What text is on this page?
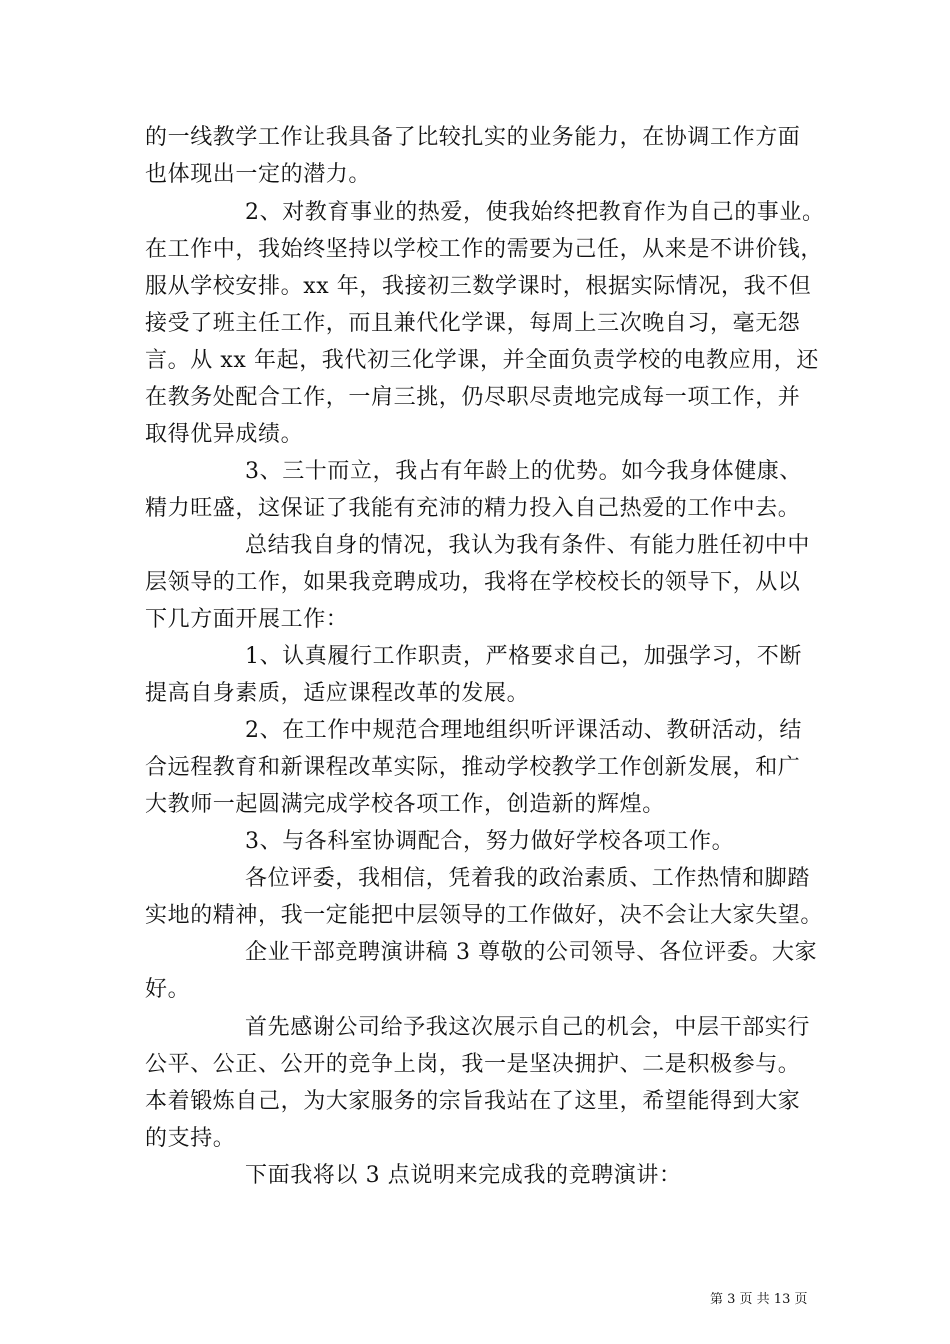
的一线教学工作让我具备了比较扎实的业务能力，在协调工作方面
也体现出一定的潜力。
2、对教育事业的热爱，使我始终把教育作为自己的事业。
在工作中，我始终坚持以学校工作的需要为己任，从来是不讲价钱，
服从学校安排。xx 年，我接初三数学课时，根据实际情况，我不但
接受了班主任工作，而且兼代化学课，每周上三次晚自习，毫无怨
言。从 xx 年起，我代初三化学课，并全面负责学校的电教应用，还
在教务处配合工作，一肩三挑，仍尽职尽责地完成每一项工作，并
取得优异成绩。
3、三十而立，我占有年龄上的优势。如今我身体健康、
精力旺盛，这保证了我能有充沛的精力投入自己热爱的工作中去。
总结我自身的情况，我认为我有条件、有能力胜任初中中
层领导的工作，如果我竞聘成功，我将在学校校长的领导下，从以
下几方面开展工作：
1、认真履行工作职责，严格要求自己，加强学习，不断
提高自身素质，适应课程改革的发展。
2、在工作中规范合理地组织听评课活动、教研活动，结
合远程教育和新课程改革实际，推动学校教学工作创新发展，和广
大教师一起圆满完成学校各项工作，创造新的辉煌。
3、与各科室协调配合，努力做好学校各项工作。
各位评委，我相信，凭着我的政治素质、工作热情和脚踏
实地的精神，我一定能把中层领导的工作做好，决不会让大家失望。
企业干部竞聘演讲稿 3 尊敬的公司领导、各位评委。大家
好。
首先感谢公司给予我这次展示自己的机会，中层干部实行
公平、公正、公开的竞争上岗，我一是坚决拥护、二是积极参与。
本着锻炼自己，为大家服务的宗旨我站在了这里，希望能得到大家
的支持。
下面我将以 3 点说明来完成我的竞聘演讲：
第 3 页 共 13 页
